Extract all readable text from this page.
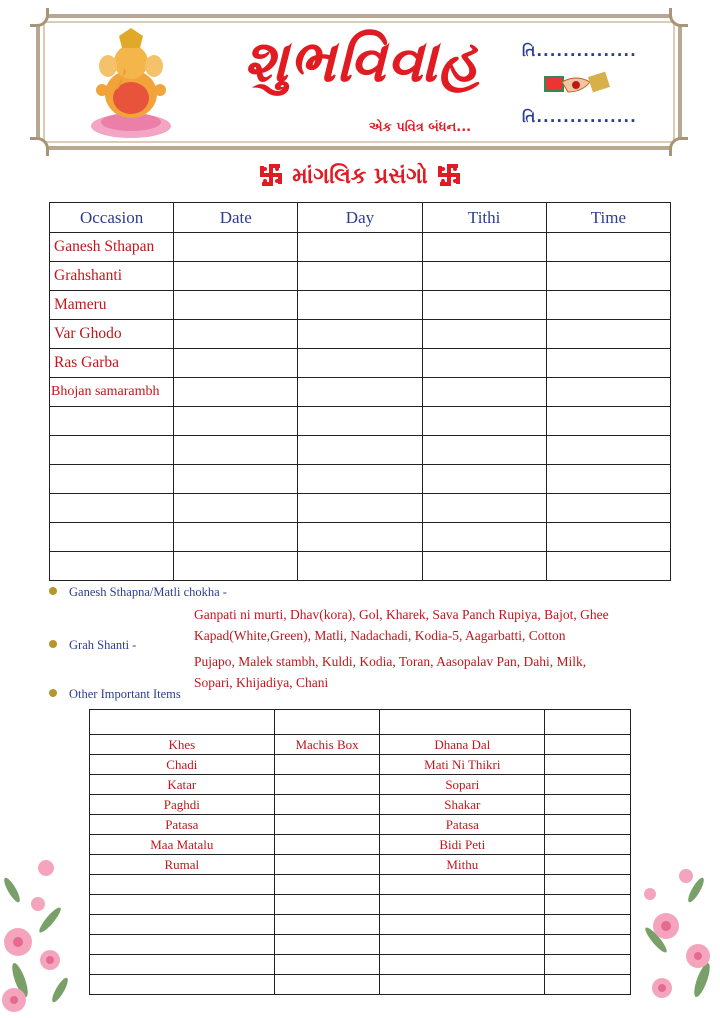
શુભવિવાહ
એક પવિત્ર બંધન...
તિ...............
તિ...............
માંગલિક પ્રસંગો
Occasion	Date	Day	Tithi	Time
Ganesh Sthapan				
Grahshanti				
Mameru				
Var Ghodo				
Ras Garba				
Bhojan samarambh				

Ganesh Sthapna/Matli chokha -
Ganpati ni murti, Dhav(kora), Gol, Kharek, Sava Panch Rupiya, Bajot, Ghee
Kapad(White,Green), Matli, Nadachadi, Kodia-5, Aagarbatti, Cotton
Grah Shanti -
Pujapo, Malek stambh, Kuldi, Kodia, Toran, Aasopalav Pan, Dahi, Milk,
Sopari, Khijadiya, Chani
Other Important Items

Khes	Machis Box	Dhana Dal	
Chadi		Mati Ni Thikri	
Katar		Sopari	
Paghdi		Shakar	
Patasa		Patasa	
Maa Matalu		Bidi Peti	
Rumal		Mithu	
